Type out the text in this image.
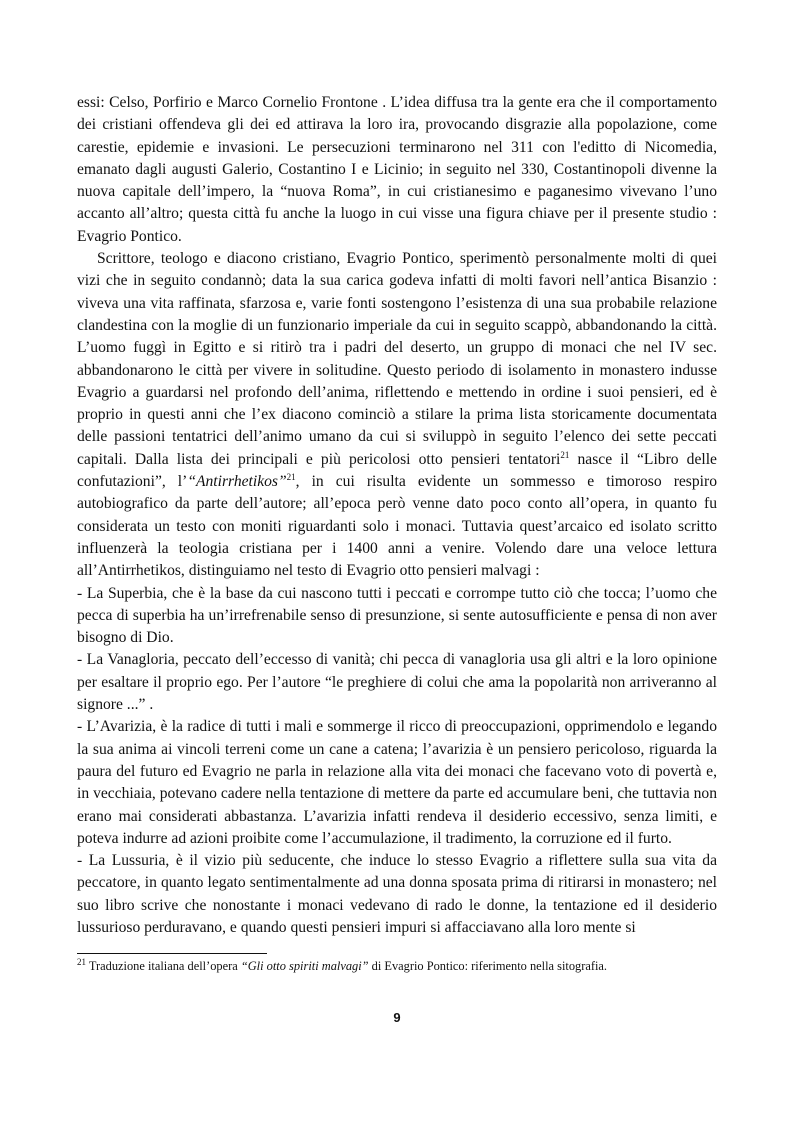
essi: Celso, Porfirio e Marco Cornelio Frontone . L’idea diffusa tra la gente era che il comportamento dei cristiani offendeva gli dei ed attirava la loro ira, provocando disgrazie alla popolazione, come carestie, epidemie e invasioni. Le persecuzioni terminarono nel 311 con l'editto di Nicomedia, emanato dagli augusti Galerio, Costantino I e Licinio; in seguito nel 330, Costantinopoli divenne la nuova capitale dell’impero, la “nuova Roma”, in cui cristianesimo e paganesimo vivevano l’uno accanto all’altro; questa città fu anche la luogo in cui visse una figura chiave per il presente studio : Evagrio Pontico.

Scrittore, teologo e diacono cristiano, Evagrio Pontico, sperimentò personalmente molti di quei vizi che in seguito condannò; data la sua carica godeva infatti di molti favori nell’antica Bisanzio : viveva una vita raffinata, sfarzosa e, varie fonti sostengono l’esistenza di una sua probabile relazione clandestina con la moglie di un funzionario imperiale da cui in seguito scappò, abbandonando la città. L’uomo fuggì in Egitto e si ritirò tra i padri del deserto, un gruppo di monaci che nel IV sec. abbandonarono le città per vivere in solitudine. Questo periodo di isolamento in monastero indusse Evagrio a guardarsi nel profondo dell’anima, riflettendo e mettendo in ordine i suoi pensieri, ed è proprio in questi anni che l’ex diacono cominciò a stilare la prima lista storicamente documentata delle passioni tentatrici dell’animo umano da cui si sviluppò in seguito l’elenco dei sette peccati capitali. Dalla lista dei principali e più pericolosi otto pensieri tentatori$^{21}$ nasce il “Libro delle confutazioni”, l’“Antirrhetikos”$^{21}$, in cui risulta evidente un sommesso e timoroso respiro autobiografico da parte dell’autore; all’epoca però venne dato poco conto all’opera, in quanto fu considerata un testo con moniti riguardanti solo i monaci. Tuttavia quest’arcaico ed isolato scritto influenzerà la teologia cristiana per i 1400 anni a venire. Volendo dare una veloce lettura all’Antirrhetikos, distinguiamo nel testo di Evagrio otto pensieri malvagi :

- La Superbia, che è la base da cui nascono tutti i peccati e corrompe tutto ciò che tocca; l’uomo che pecca di superbia ha un’irrefrenabile senso di presunzione, si sente autosufficiente e pensa di non aver bisogno di Dio.

- La Vanagloria, peccato dell’eccesso di vanità; chi pecca di vanagloria usa gli altri e la loro opinione per esaltare il proprio ego. Per l’autore “le preghiere di colui che ama la popolarità non arriveranno al signore ...” .

- L’Avarizia, è la radice di tutti i mali e sommerge il ricco di preoccupazioni, opprimendolo e legando la sua anima ai vincoli terreni come un cane a catena; l’avarizia è un pensiero pericoloso, riguarda la paura del futuro ed Evagrio ne parla in relazione alla vita dei monaci che facevano voto di povertà e, in vecchiaia, potevano cadere nella tentazione di mettere da parte ed accumulare beni, che tuttavia non erano mai considerati abbastanza. L’avarizia infatti rendeva il desiderio eccessivo, senza limiti, e poteva indurre ad azioni proibite come l’accumulazione, il tradimento, la corruzione ed il furto.

- La Lussuria, è il vizio più seducente, che induce lo stesso Evagrio a riflettere sulla sua vita da peccatore, in quanto legato sentimentalmente ad una donna sposata prima di ritirarsi in monastero; nel suo libro scrive che nonostante i monaci vedevano di rado le donne, la tentazione ed il desiderio lussurioso perduravano, e quando questi pensieri impuri si affacciavano alla loro mente si

$^{21}$ Traduzione italiana dell’opera “Gli otto spiriti malvagi” di Evagrio Pontico: riferimento nella sitografia.
9
